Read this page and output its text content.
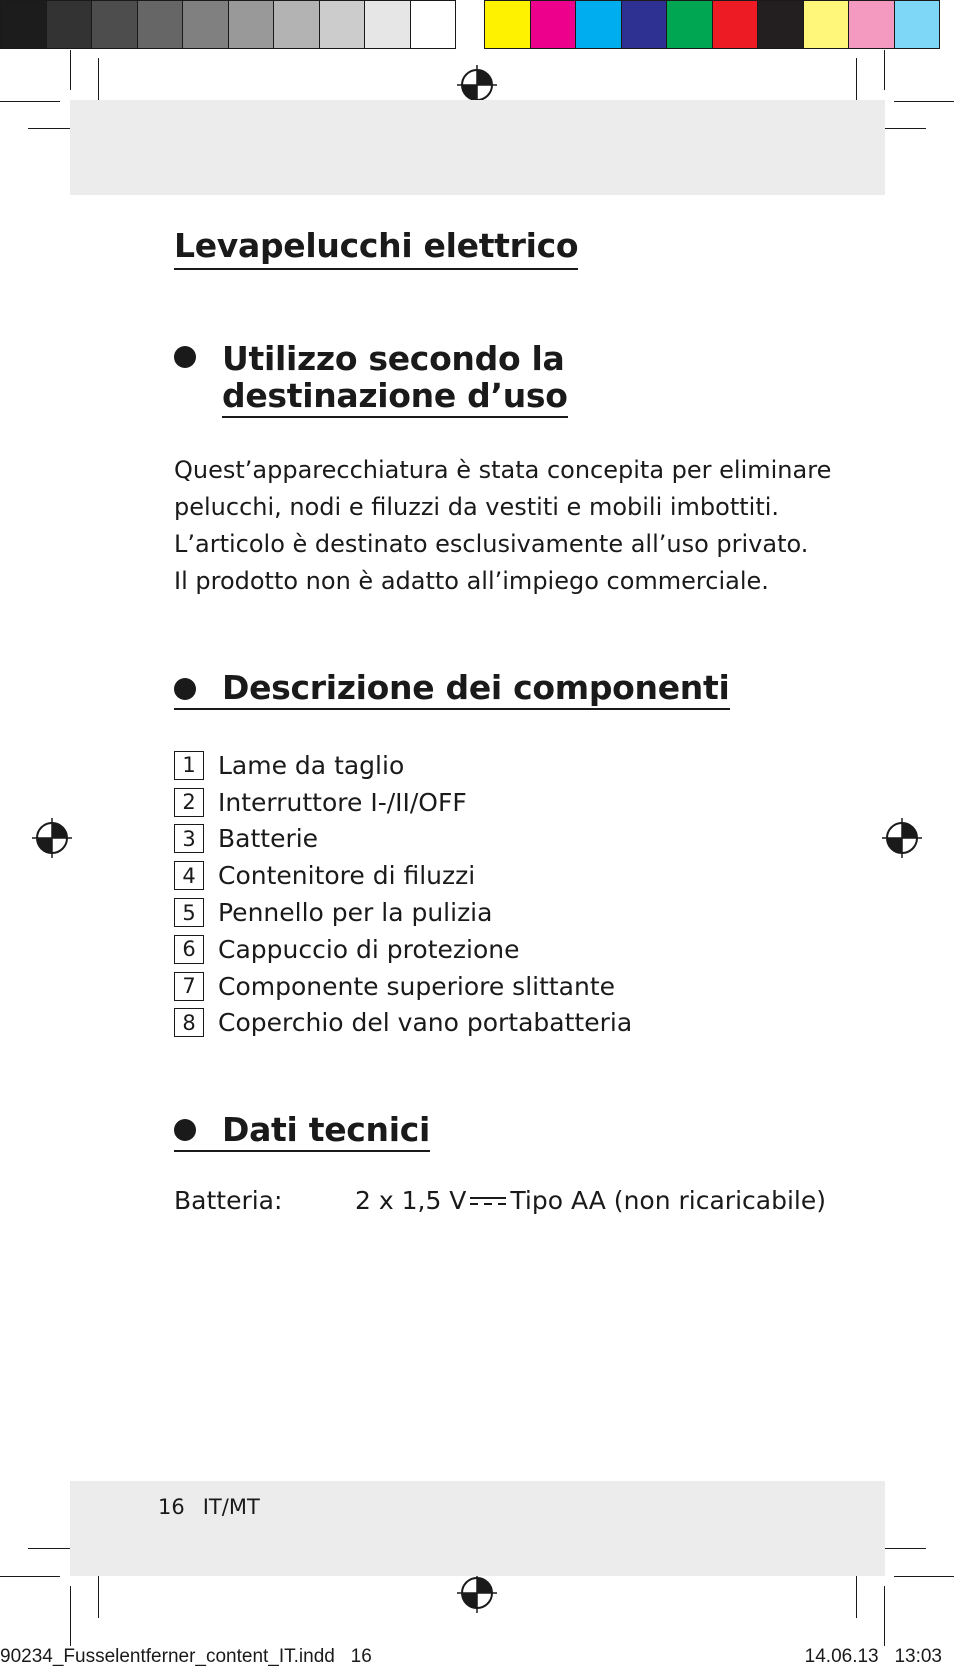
Levapelucchi elettrico
Utilizzo secondo la
destinazione d’uso

Quest’apparecchiatura è stata concepita per eliminare
pelucchi, nodi e filuzzi da vestiti e mobili imbottiti.
L’articolo è destinato esclusivamente all’uso privato.
Il prodotto non è adatto all’impiego commerciale.

Descrizione dei componenti
1 Lame da taglio
2 Interruttore I-/II/OFF
3 Batterie
4 Contenitore di filuzzi
5 Pennello per la pulizia
6 Cappuccio di protezione
7 Componente superiore slittante
8 Coperchio del vano portabatteria
Dati tecnici
Batteria:	2 x 1,5 V Tipo AA (non ricaricabile)
16 IT/MT
90234_Fusselentferner_content_IT.indd   16	14.06.13   13:03
